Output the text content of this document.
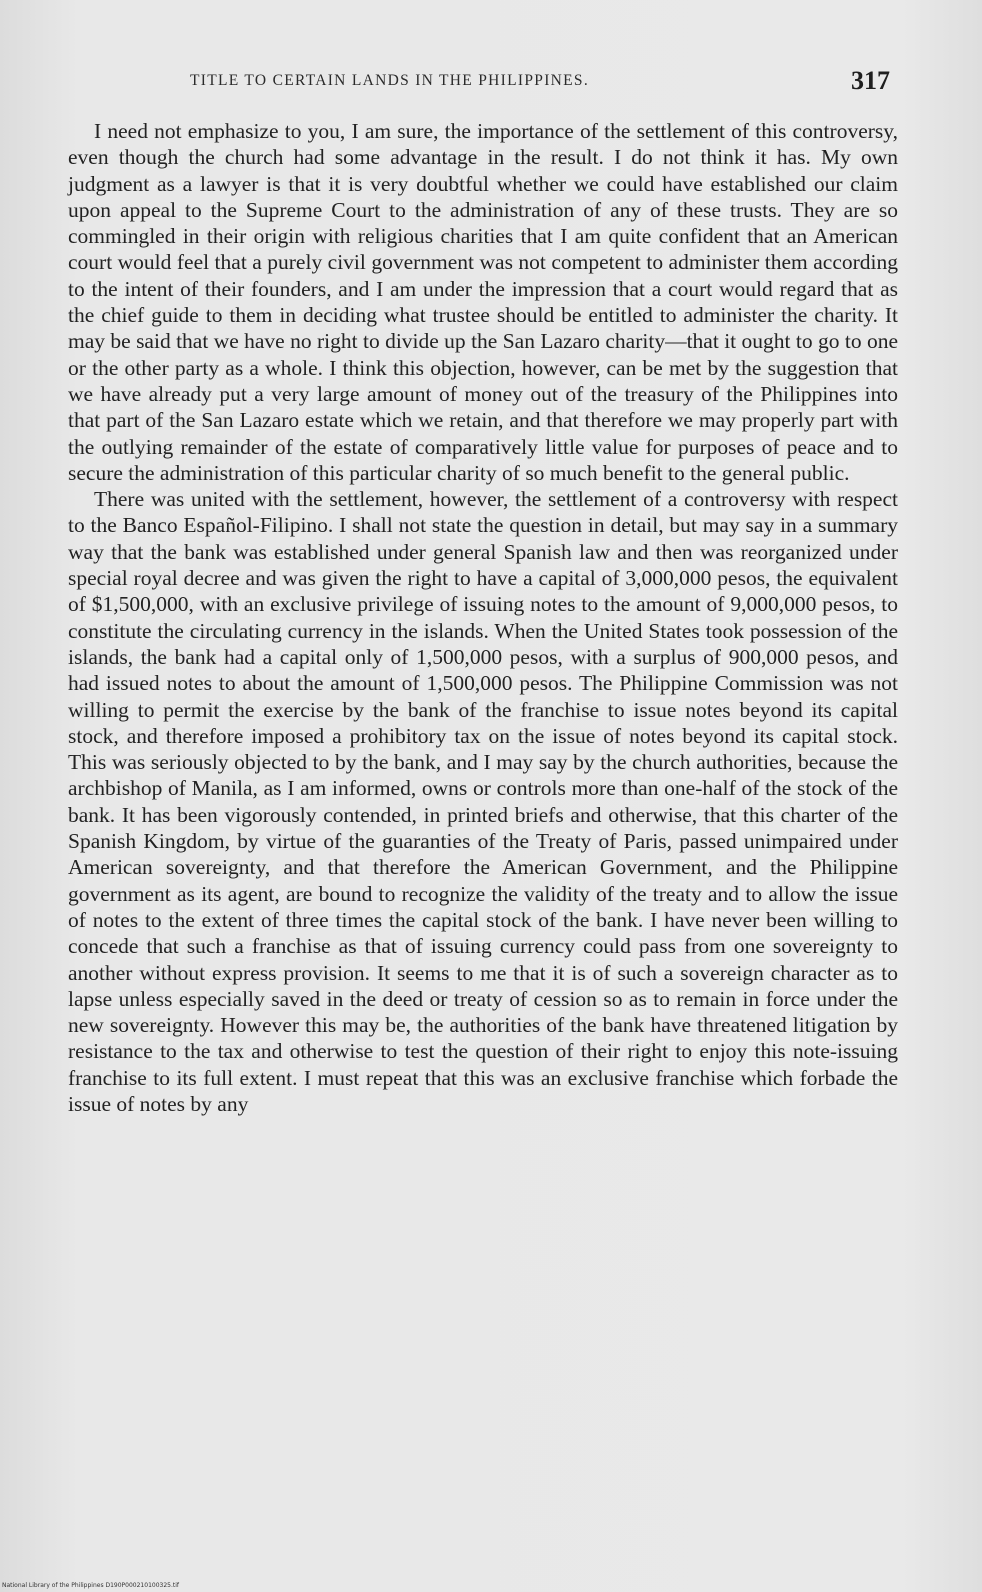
TITLE TO CERTAIN LANDS IN THE PHILIPPINES.	317

I need not emphasize to you, I am sure, the importance of the settlement of this controversy, even though the church had some advantage in the result. I do not think it has. My own judgment as a lawyer is that it is very doubtful whether we could have established our claim upon appeal to the Supreme Court to the administration of any of these trusts. They are so commingled in their origin with religious charities that I am quite confident that an American court would feel that a purely civil government was not competent to administer them according to the intent of their founders, and I am under the impression that a court would regard that as the chief guide to them in deciding what trustee should be entitled to administer the charity. It may be said that we have no right to divide up the San Lazaro charity—that it ought to go to one or the other party as a whole. I think this objection, however, can be met by the suggestion that we have already put a very large amount of money out of the treasury of the Philippines into that part of the San Lazaro estate which we retain, and that therefore we may properly part with the outlying remainder of the estate of comparatively little value for purposes of peace and to secure the administration of this particular charity of so much benefit to the general public.

There was united with the settlement, however, the settlement of a controversy with respect to the Banco Español-Filipino. I shall not state the question in detail, but may say in a summary way that the bank was established under general Spanish law and then was reorganized under special royal decree and was given the right to have a capital of 3,000,000 pesos, the equivalent of $1,500,000, with an exclusive privilege of issuing notes to the amount of 9,000,000 pesos, to constitute the circulating currency in the islands. When the United States took possession of the islands, the bank had a capital only of 1,500,000 pesos, with a surplus of 900,000 pesos, and had issued notes to about the amount of 1,500,000 pesos. The Philippine Commission was not willing to permit the exercise by the bank of the franchise to issue notes beyond its capital stock, and therefore imposed a prohibitory tax on the issue of notes beyond its capital stock. This was seriously objected to by the bank, and I may say by the church authorities, because the archbishop of Manila, as I am informed, owns or controls more than one-half of the stock of the bank. It has been vigorously contended, in printed briefs and otherwise, that this charter of the Spanish Kingdom, by virtue of the guaranties of the Treaty of Paris, passed unimpaired under American sovereignty, and that therefore the American Government, and the Philippine government as its agent, are bound to recognize the validity of the treaty and to allow the issue of notes to the extent of three times the capital stock of the bank. I have never been willing to concede that such a franchise as that of issuing currency could pass from one sovereignty to another without express provision. It seems to me that it is of such a sovereign character as to lapse unless especially saved in the deed or treaty of cession so as to remain in force under the new sovereignty. However this may be, the authorities of the bank have threatened litigation by resistance to the tax and otherwise to test the question of their right to enjoy this note-issuing franchise to its full extent. I must repeat that this was an exclusive franchise which forbade the issue of notes by any

National Library of the Philippines D190P000210100325.tif
